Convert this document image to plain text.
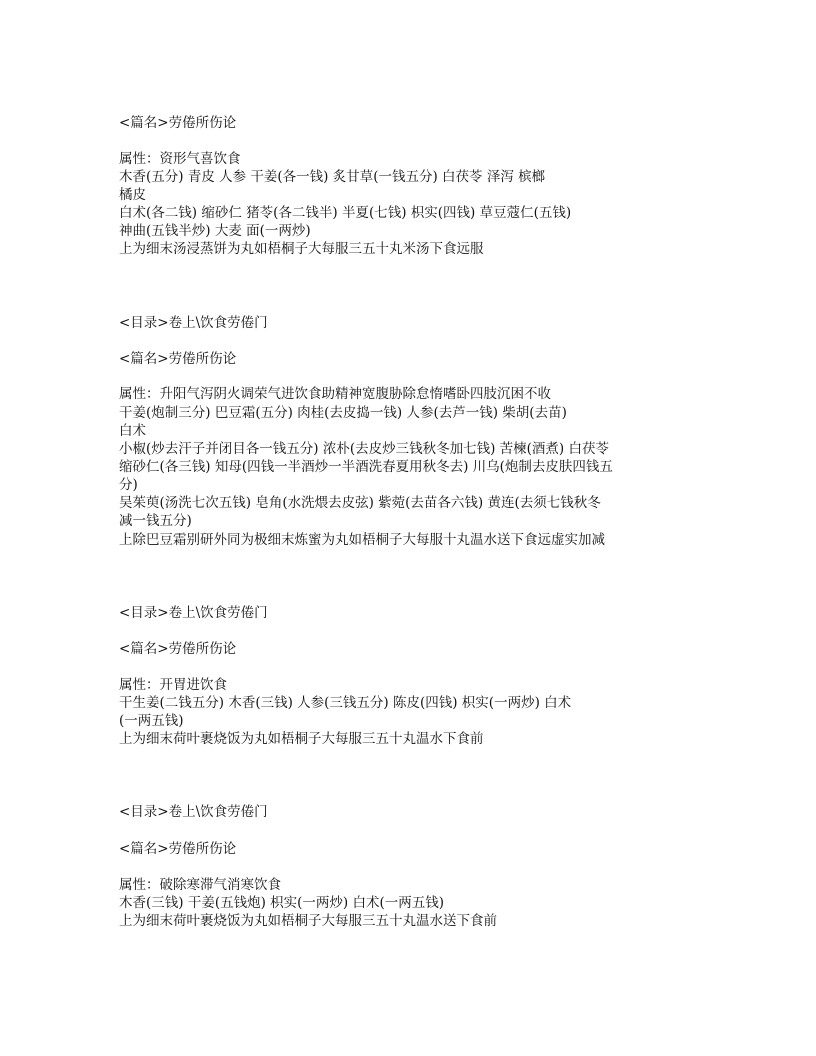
<篇名>劳倦所伤论
属性：资形气喜饮食
木香(五分) 青皮 人参 干姜(各一钱) 炙甘草(一钱五分) 白茯苓 泽泻 槟榔
橘皮
白术(各二钱) 缩砂仁 猪苓(各二钱半) 半夏(七钱) 枳实(四钱) 草豆蔻仁(五钱)
神曲(五钱半炒) 大麦 面(一两炒)
上为细末汤浸蒸饼为丸如梧桐子大每服三五十丸米汤下食远服
<目录>卷上\饮食劳倦门
<篇名>劳倦所伤论
属性：升阳气泻阴火调荣气进饮食助精神宽腹胁除怠惰嗜卧四肢沉困不收
干姜(炮制三分) 巴豆霜(五分) 肉桂(去皮捣一钱) 人参(去芦一钱) 柴胡(去苗)
白术
小椒(炒去汗子并闭目各一钱五分) 浓朴(去皮炒三钱秋冬加七钱) 苦楝(酒煮) 白茯苓
缩砂仁(各三钱) 知母(四钱一半酒炒一半酒洗春夏用秋冬去) 川乌(炮制去皮肤四钱五
分)
吴茱萸(汤洗七次五钱) 皂角(水洗煨去皮弦) 紫菀(去苗各六钱) 黄连(去须七钱秋冬
减一钱五分)
上除巴豆霜别研外同为极细末炼蜜为丸如梧桐子大每服十丸温水送下食远虚实加减
<目录>卷上\饮食劳倦门
<篇名>劳倦所伤论
属性：开胃进饮食
干生姜(二钱五分) 木香(三钱) 人参(三钱五分) 陈皮(四钱) 枳实(一两炒) 白术
(一两五钱)
上为细末荷叶裹烧饭为丸如梧桐子大每服三五十丸温水下食前
<目录>卷上\饮食劳倦门
<篇名>劳倦所伤论
属性：破除寒滞气消寒饮食
木香(三钱) 干姜(五钱炮) 枳实(一两炒) 白术(一两五钱)
上为细末荷叶裹烧饭为丸如梧桐子大每服三五十丸温水送下食前
